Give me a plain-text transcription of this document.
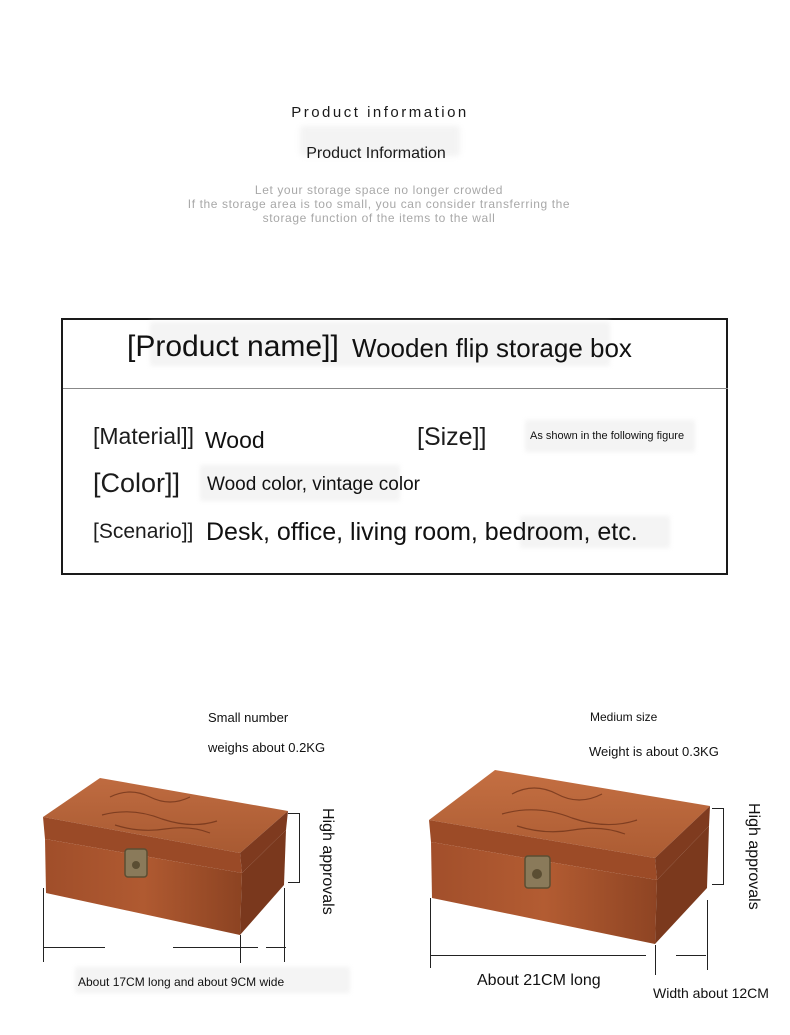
Product information
Product Information
Let your storage space no longer crowded
If the storage area is too small, you can consider transferring the
storage function of the items to the wall
[Product name]] Wooden flip storage box
[Material]] Wood	[Size]]	As shown in the following figure
[Color]] Wood color, vintage color
[Scenario]] Desk, office, living room, bedroom, etc.
Small number
weighs about 0.2KG
High approvals
About 17CM long and about 9CM wide
Medium size
Weight is about 0.3KG
High approvals
About 21CM long
Width about 12CM
